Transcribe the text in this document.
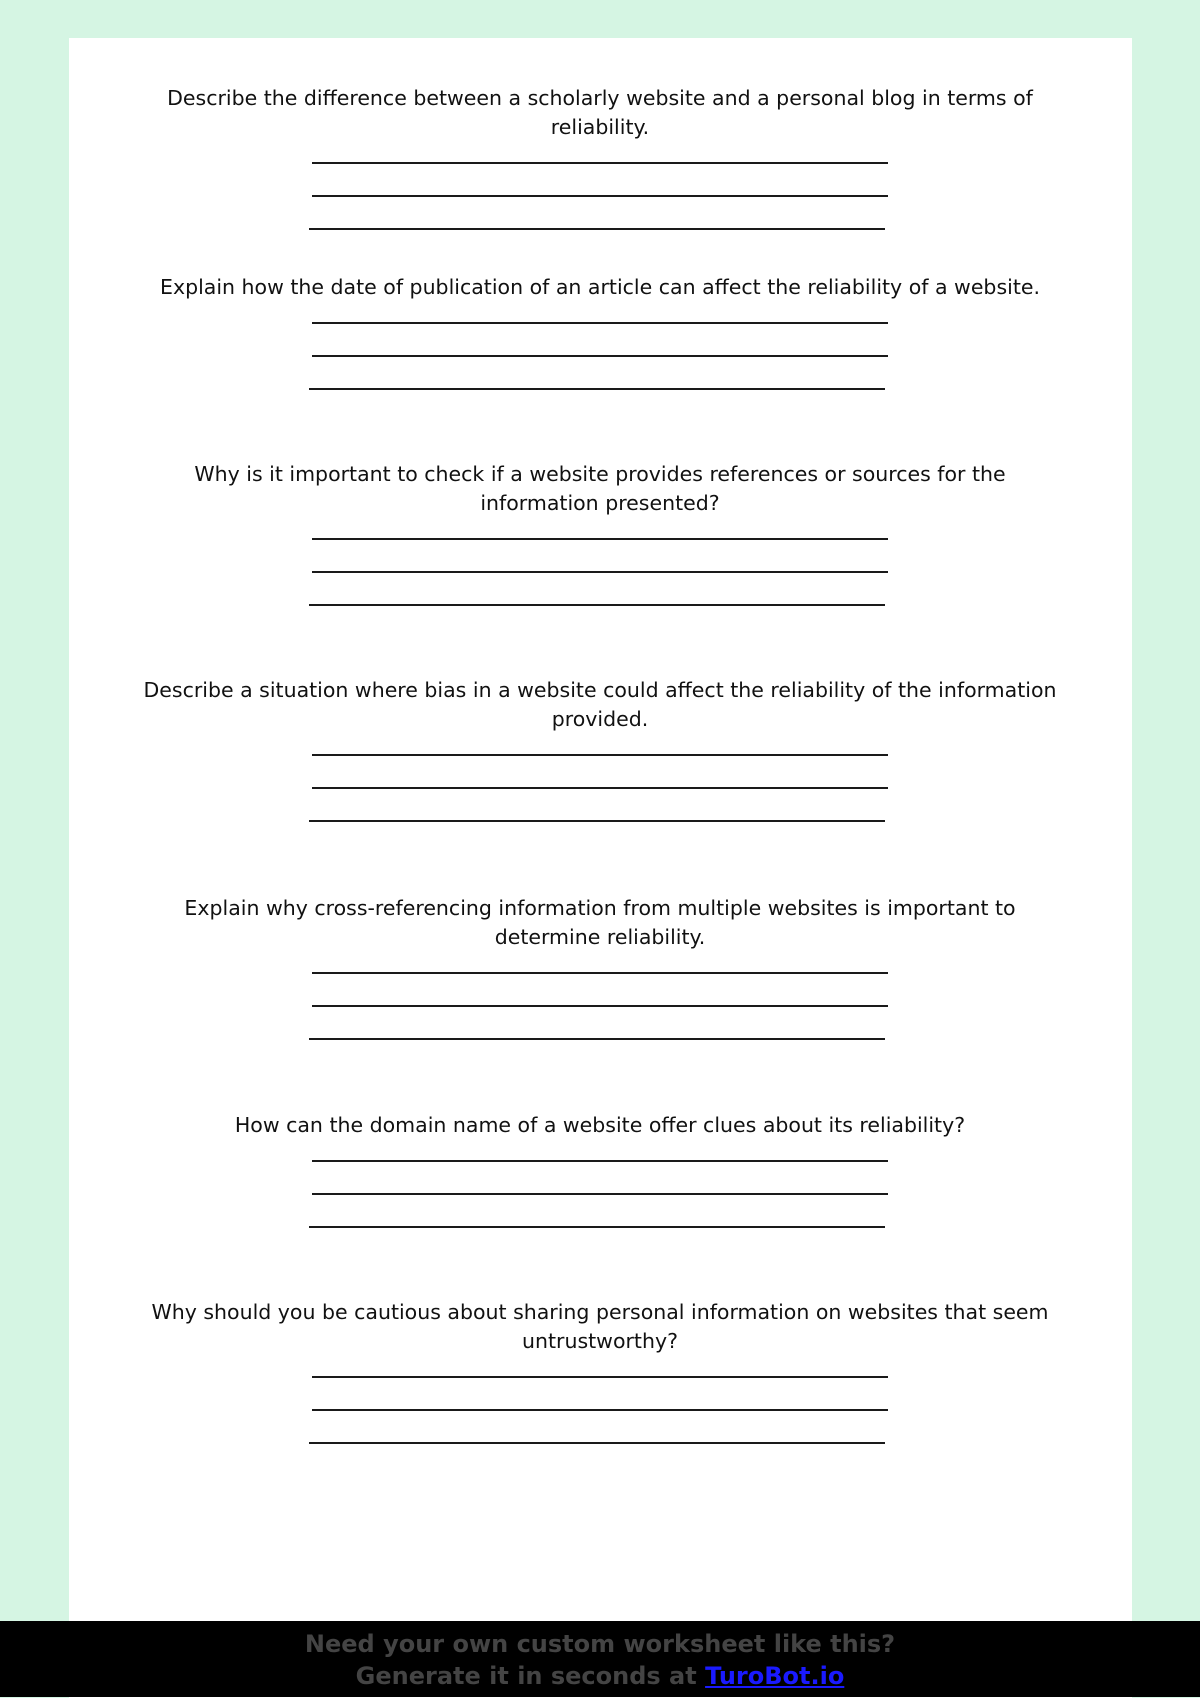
Describe the difference between a scholarly website and a personal blog in terms of reliability.

Explain how the date of publication of an article can affect the reliability of a website.

Why is it important to check if a website provides references or sources for the information presented?

Describe a situation where bias in a website could affect the reliability of the information provided.

Explain why cross-referencing information from multiple websites is important to determine reliability.

How can the domain name of a website offer clues about its reliability?

Why should you be cautious about sharing personal information on websites that seem untrustworthy?

Need your own custom worksheet like this?
Generate it in seconds at TuroBot.io
